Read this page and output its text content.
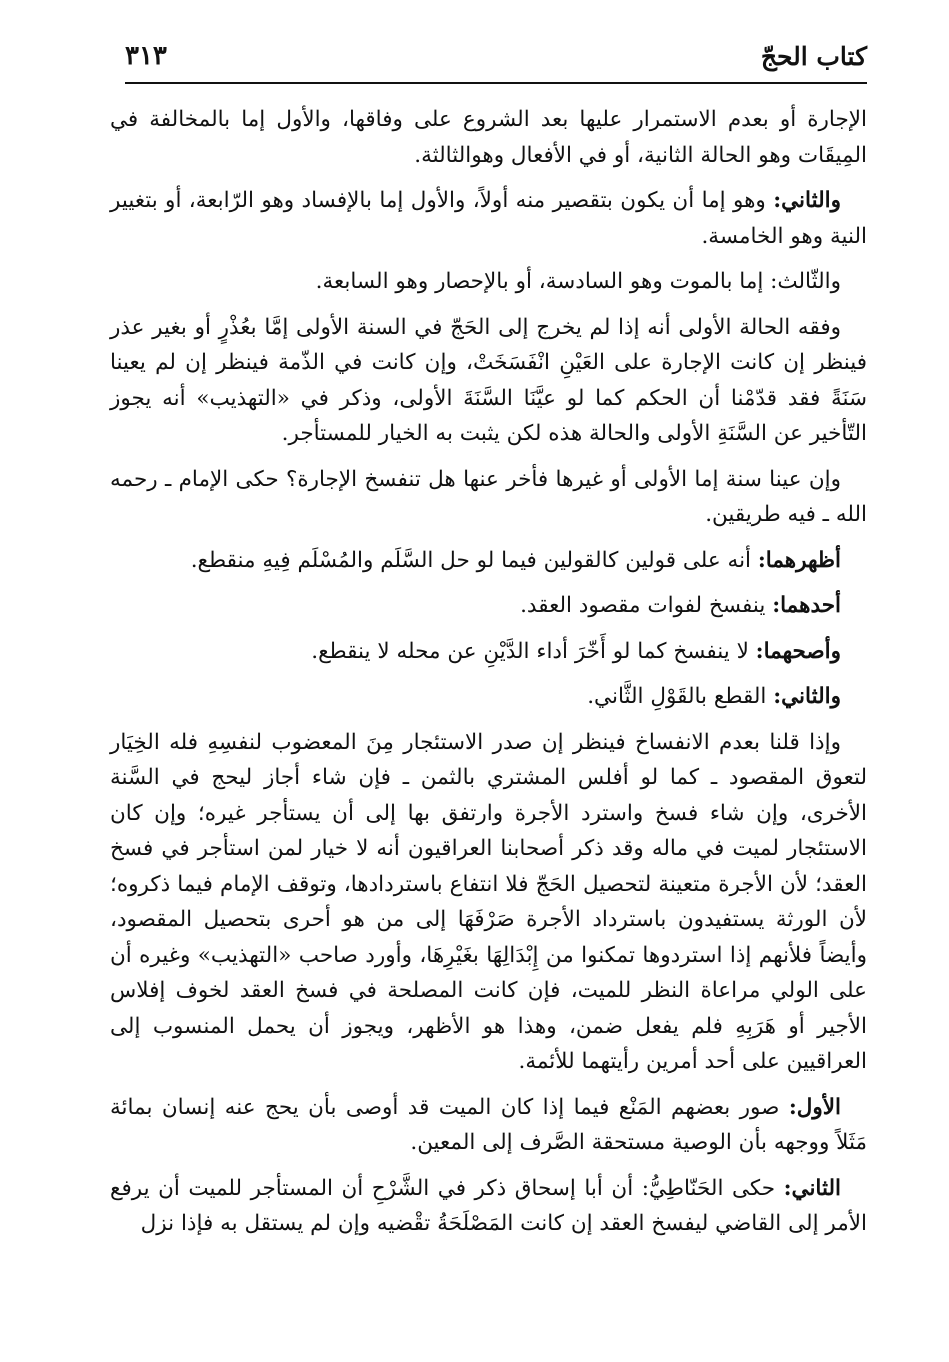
كتاب الحجّ
٣١٣

الإجارة أو بعدم الاستمرار عليها بعد الشروع على وفاقها، والأول إما بالمخالفة في المِيقَات وهو الحالة الثانية، أو في الأفعال وهوالثالثة.

والثاني: وهو إما أن يكون بتقصير منه أولاً، والأول إما بالإفساد وهو الرّابعة، أو بتغيير النية وهو الخامسة.

والثّالث: إما بالموت وهو السادسة، أو بالإحصار وهو السابعة.

وفقه الحالة الأولى أنه إذا لم يخرج إلى الحَجّ في السنة الأولى إمَّا بعُذْرٍ أو بغير عذر فينظر إن كانت الإجارة على العَيْنِ انْفَسَخَتْ، وإن كانت في الذّمة فينظر إن لم يعينا سَنَةً فقد قدّمْنا أن الحكم كما لو عيَّنَا السَّنَةَ الأولى، وذكر في «التهذيب» أنه يجوز التّأخير عن السَّنَةِ الأولى والحالة هذه لكن يثبت به الخيار للمستأجر.

وإن عينا سنة إما الأولى أو غيرها فأخر عنها هل تنفسخ الإجارة؟ حكى الإمام ـ رحمه الله ـ فيه طريقين.

أظهرهما: أنه على قولين كالقولين فيما لو حل السَّلَم والمُسْلَم فِيهِ منقطع.

أحدهما: ينفسخ لفوات مقصود العقد.

وأصحهما: لا ينفسخ كما لو أَخّرَ أداء الدَّيْنِ عن محله لا ينقطع.

والثاني: القطع بالقَوْلِ الثَّاني.

وإذا قلنا بعدم الانفساخ فينظر إن صدر الاستئجار مِنَ المعضوب لنفسِهِ فله الخِيَار لتعوق المقصود ـ كما لو أفلس المشتري بالثمن ـ فإن شاء أجاز ليحج في السَّنة الأخرى، وإن شاء فسخ واسترد الأجرة وارتفق بها إلى أن يستأجر غيره؛ وإن كان الاستئجار لميت في ماله وقد ذكر أصحابنا العراقيون أنه لا خيار لمن استأجر في فسخ العقد؛ لأن الأجرة متعينة لتحصيل الحَجّ فلا انتفاع باستردادها، وتوقف الإمام فيما ذكروه؛ لأن الورثة يستفيدون باسترداد الأجرة صَرْفَهَا إلى من هو أحرى بتحصيل المقصود، وأيضاً فلأنهم إذا استردوها تمكنوا من إِبْدَالِهَا بغَيْرِهَا، وأورد صاحب «التهذيب» وغيره أن على الولي مراعاة النظر للميت، فإن كانت المصلحة في فسخ العقد لخوف إفلاس الأجير أو هَرَبِهِ فلم يفعل ضمن، وهذا هو الأظهر، ويجوز أن يحمل المنسوب إلى العراقيين على أحد أمرين رأيتهما للأئمة.

الأول: صور بعضهم المَنْع فيما إذا كان الميت قد أوصى بأن يحج عنه إنسان بمائة مَثَلاً ووجهه بأن الوصية مستحقة الصَّرف إلى المعين.

الثاني: حكى الحَنّاطِيُّ: أن أبا إسحاق ذكر في الشَّرْحِ أن المستأجر للميت أن يرفع الأمر إلى القاضي ليفسخ العقد إن كانت المَصْلَحَةُ تقْضيه وإن لم يستقل به فإذا نزل
